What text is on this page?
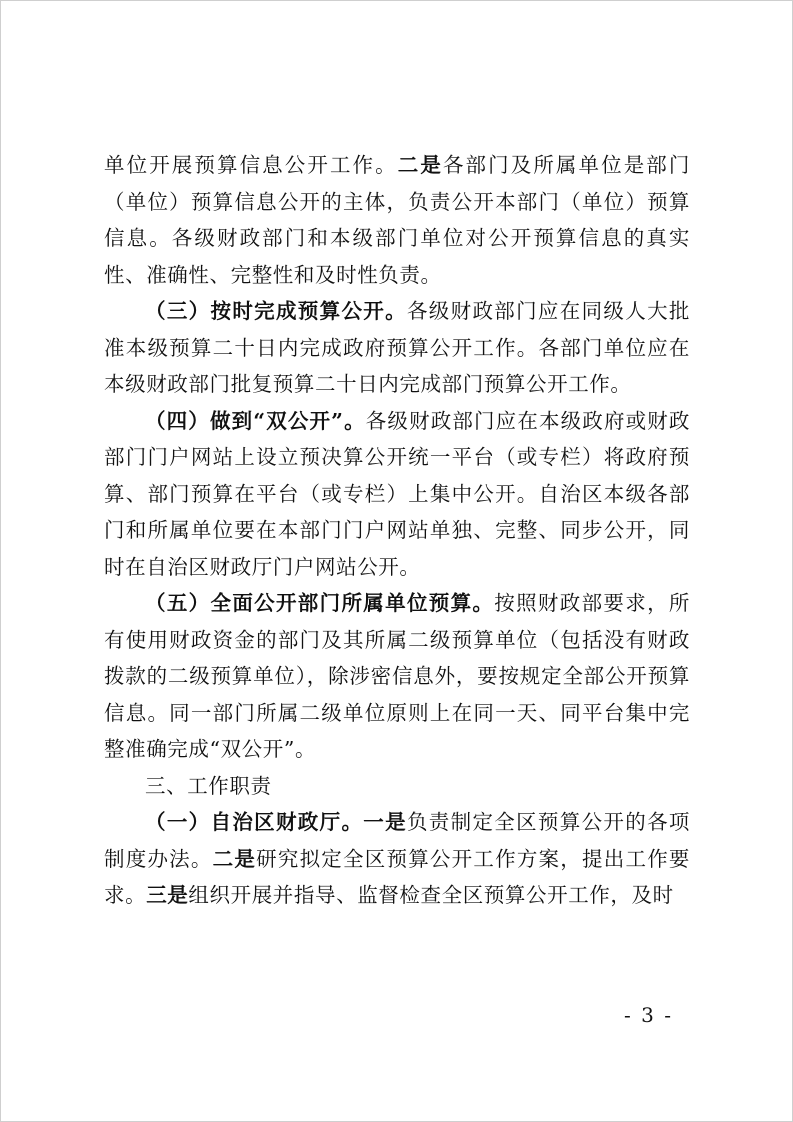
单位开展预算信息公开工作。二是各部门及所属单位是部门（单位）预算信息公开的主体，负责公开本部门（单位）预算信息。各级财政部门和本级部门单位对公开预算信息的真实性、准确性、完整性和及时性负责。

（三）按时完成预算公开。各级财政部门应在同级人大批准本级预算二十日内完成政府预算公开工作。各部门单位应在本级财政部门批复预算二十日内完成部门预算公开工作。

（四）做到“双公开”。各级财政部门应在本级政府或财政部门门户网站上设立预决算公开统一平台（或专栏）将政府预算、部门预算在平台（或专栏）上集中公开。自治区本级各部门和所属单位要在本部门门户网站单独、完整、同步公开，同时在自治区财政厅门户网站公开。

（五）全面公开部门所属单位预算。按照财政部要求，所有使用财政资金的部门及其所属二级预算单位（包括没有财政拨款的二级预算单位），除涉密信息外，要按规定全部公开预算信息。同一部门所属二级单位原则上在同一天、同平台集中完整准确完成“双公开”。

三、工作职责

（一）自治区财政厅。一是负责制定全区预算公开的各项制度办法。二是研究拟定全区预算公开工作方案，提出工作要求。三是组织开展并指导、监督检查全区预算公开工作，及时

- 3 -
